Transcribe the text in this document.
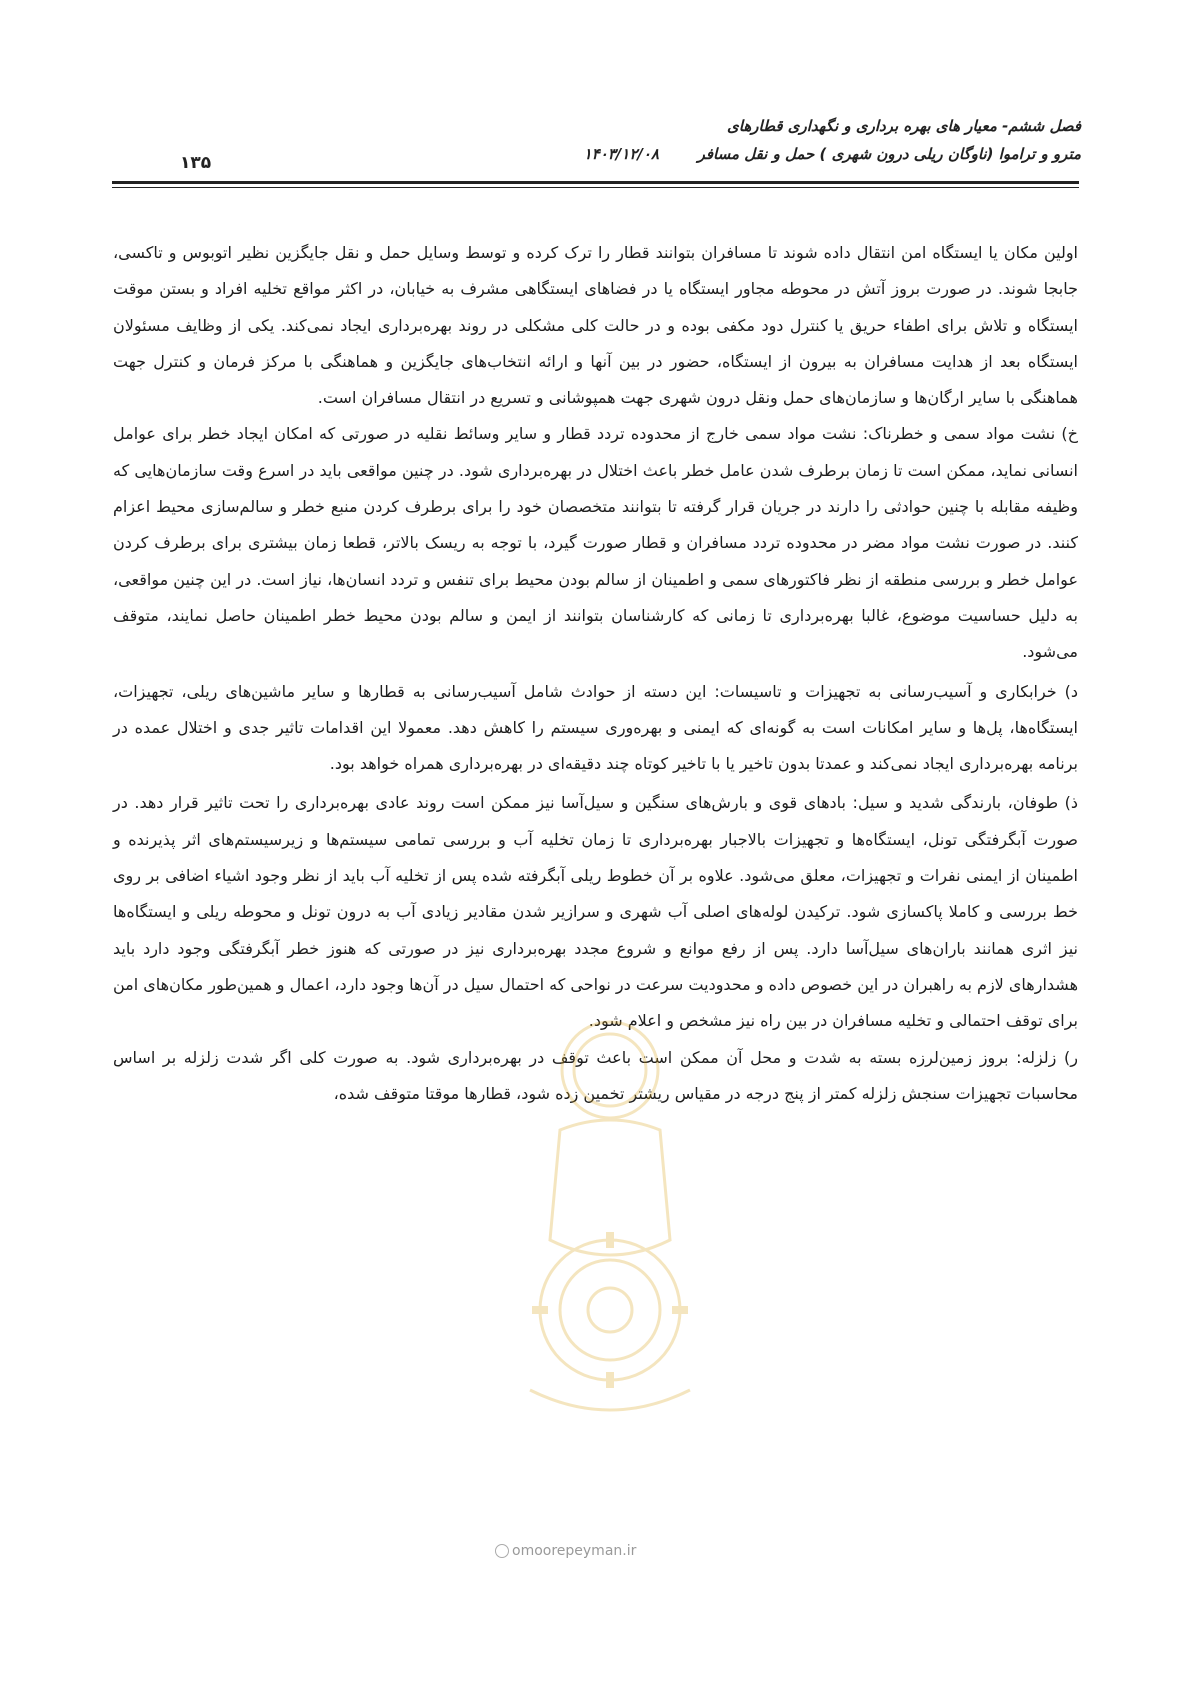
فصل ششم- معیار های بهره برداری و نگهداری قطارهای
مترو و تراموا (ناوگان ریلی درون شهری ) حمل و نقل مسافر
۱۴۰۳/۱۲/۰۸
۱۳۵

اولین مکان یا ایستگاه امن انتقال داده شوند تا مسافران بتوانند قطار را ترک کرده و توسط وسایل حمل و نقل جایگزین نظیر اتوبوس و تاکسی، جابجا شوند. در صورت بروز آتش در محوطه مجاور ایستگاه یا در فضاهای ایستگاهی مشرف به خیابان، در اکثر مواقع تخلیه افراد و بستن موقت ایستگاه و تلاش برای اطفاء حریق یا کنترل دود مکفی بوده و در حالت کلی مشکلی در روند بهره‌برداری ایجاد نمی‌کند. یکی از وظایف مسئولان ایستگاه بعد از هدایت مسافران به بیرون از ایستگاه، حضور در بین آنها و ارائه انتخاب‌های جایگزین و هماهنگی با مرکز فرمان و کنترل جهت هماهنگی با سایر ارگان‌ها و سازمان‌های حمل ونقل درون شهری جهت همپوشانی و تسریع در انتقال مسافران است.

خ) نشت مواد سمی و خطرناک: نشت مواد سمی خارج از محدوده تردد قطار و سایر وسائط نقلیه در صورتی که امکان ایجاد خطر برای عوامل انسانی نماید، ممکن است تا زمان برطرف شدن عامل خطر باعث اختلال در بهره‌برداری شود. در چنین مواقعی باید در اسرع وقت سازمان‌هایی که وظیفه مقابله با چنین حوادثی را دارند در جریان قرار گرفته تا بتوانند متخصصان خود را برای برطرف کردن منبع خطر و سالم‌سازی محیط اعزام کنند. در صورت نشت مواد مضر در محدوده تردد مسافران و قطار صورت گیرد، با توجه به ریسک بالاتر، قطعا زمان بیشتری برای برطرف کردن عوامل خطر و بررسی منطقه از نظر فاکتورهای سمی و اطمینان از سالم بودن محیط برای تنفس و تردد انسان‌ها، نیاز است. در این چنین مواقعی، به دلیل حساسیت موضوع، غالبا بهره‌برداری تا زمانی که کارشناسان بتوانند از ایمن و سالم بودن محیط خطر اطمینان حاصل نمایند، متوقف می‌شود.

د) خرابکاری و آسیب‌رسانی به تجهیزات و تاسیسات: این دسته از حوادث شامل آسیب‌رسانی به قطارها و سایر ماشین‌های ریلی، تجهیزات، ایستگاه‌ها، پل‌ها و سایر امکانات است به گونه‌ای که ایمنی و بهره‌وری سیستم را کاهش دهد. معمولا این اقدامات تاثیر جدی و اختلال عمده در برنامه بهره‌برداری ایجاد نمی‌کند و عمدتا بدون تاخیر یا با تاخیر کوتاه چند دقیقه‌ای در بهره‌برداری همراه خواهد بود.

ذ) طوفان، بارندگی شدید و سیل: بادهای قوی و بارش‌های سنگین و سیل‌آسا نیز ممکن است روند عادی بهره‌برداری را تحت تاثیر قرار دهد. در صورت آبگرفتگی تونل، ایستگاه‌ها و تجهیزات بالاجبار بهره‌برداری تا زمان تخلیه آب و بررسی تمامی سیستم‌ها و زیرسیستم‌های اثر پذیرنده و اطمینان از ایمنی نفرات و تجهیزات، معلق می‌شود. علاوه بر آن خطوط ریلی آبگرفته شده پس از تخلیه آب باید از نظر وجود اشیاء اضافی بر روی خط بررسی و کاملا پاکسازی شود. ترکیدن لوله‌های اصلی آب شهری و سرازیر شدن مقادیر زیادی آب به درون تونل و محوطه ریلی و ایستگاه‌ها نیز اثری همانند باران‌های سیل‌آسا دارد. پس از رفع موانع و شروع مجدد بهره‌برداری نیز در صورتی که هنوز خطر آبگرفتگی وجود دارد باید هشدارهای لازم به راهبران در این خصوص داده و محدودیت سرعت در نواحی که احتمال سیل در آن‌ها وجود دارد، اعمال و همین‌طور مکان‌های امن برای توقف احتمالی و تخلیه مسافران در بین راه نیز مشخص و اعلام شود.

ر) زلزله: بروز زمین‌لرزه بسته به شدت و محل آن ممکن است باعث توقف در بهره‌برداری شود. به صورت کلی اگر شدت زلزله بر اساس محاسبات تجهیزات سنجش زلزله کمتر از پنج درجه در مقیاس ریشتر تخمین زده شود، قطارها موقتا متوقف شده،

omoorepeyman.ir
